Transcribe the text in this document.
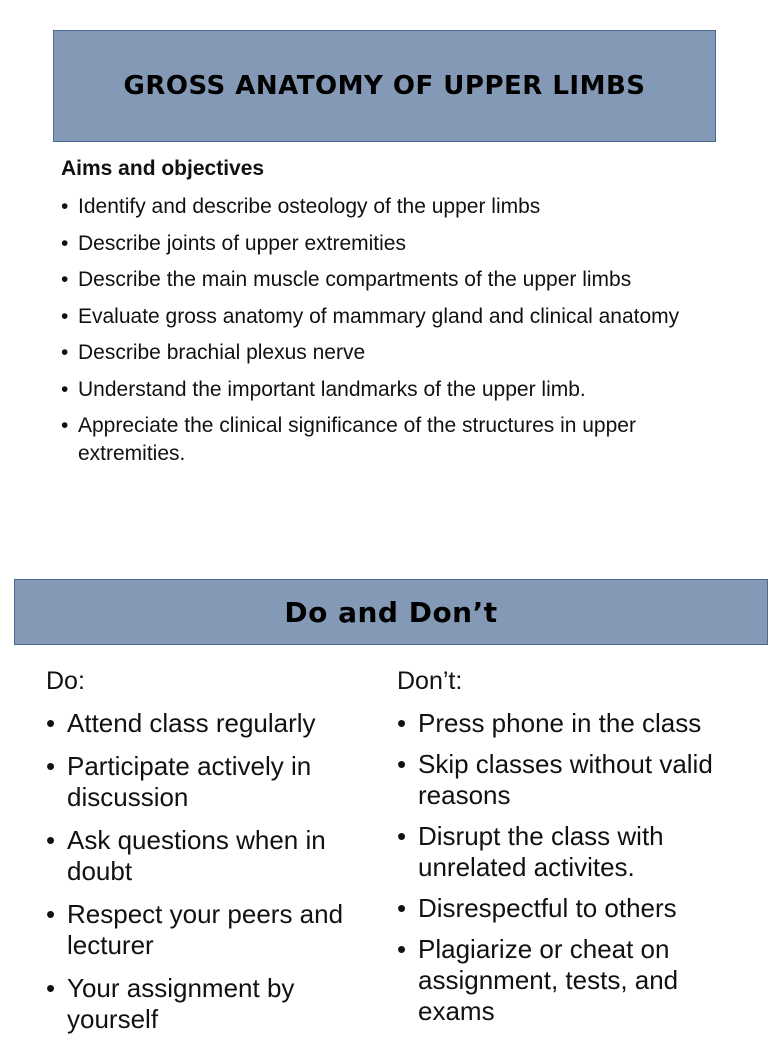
GROSS ANATOMY OF UPPER LIMBS
Aims and objectives
• Identify and describe osteology of the upper limbs
• Describe joints of upper extremities
• Describe the main muscle compartments of the upper limbs
• Evaluate gross anatomy of mammary gland and clinical anatomy
• Describe brachial plexus nerve
• Understand the important landmarks of the upper limb.
• Appreciate the clinical significance of the structures in upper extremities.
Do and Don’t
Do:	Don’t:
• Attend class regularly
• Participate actively in discussion
• Ask questions when in doubt
• Respect your peers and lecturer
• Your assignment by yourself
• Press phone in the class
• Skip classes without valid reasons
• Disrupt the class with unrelated activites.
• Disrespectful to others
• Plagiarize or cheat on assignment, tests, and exams
